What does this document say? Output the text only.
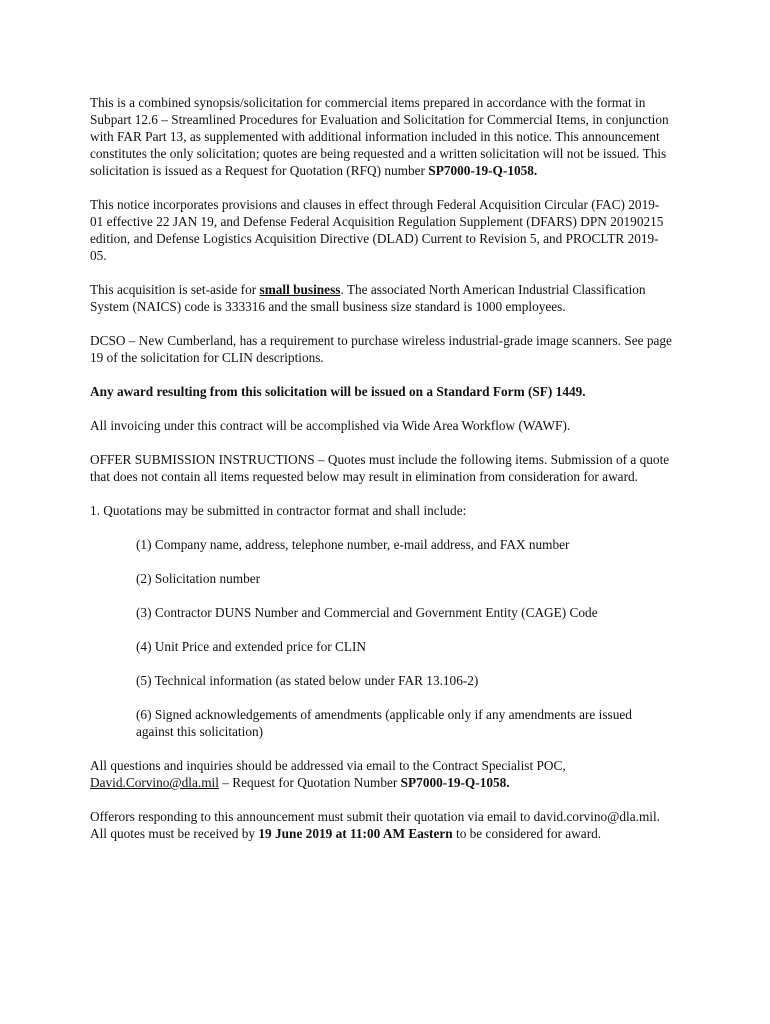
This is a combined synopsis/solicitation for commercial items prepared in accordance with the format in Subpart 12.6 – Streamlined Procedures for Evaluation and Solicitation for Commercial Items, in conjunction with FAR Part 13, as supplemented with additional information included in this notice. This announcement constitutes the only solicitation; quotes are being requested and a written solicitation will not be issued. This solicitation is issued as a Request for Quotation (RFQ) number SP7000-19-Q-1058.

This notice incorporates provisions and clauses in effect through Federal Acquisition Circular (FAC) 2019-01 effective 22 JAN 19, and Defense Federal Acquisition Regulation Supplement (DFARS) DPN 20190215 edition, and Defense Logistics Acquisition Directive (DLAD) Current to Revision 5, and PROCLTR 2019-05.

This acquisition is set-aside for small business. The associated North American Industrial Classification System (NAICS) code is 333316 and the small business size standard is 1000 employees.

DCSO – New Cumberland, has a requirement to purchase wireless industrial-grade image scanners. See page 19 of the solicitation for CLIN descriptions.

Any award resulting from this solicitation will be issued on a Standard Form (SF) 1449.

All invoicing under this contract will be accomplished via Wide Area Workflow (WAWF).

OFFER SUBMISSION INSTRUCTIONS – Quotes must include the following items. Submission of a quote that does not contain all items requested below may result in elimination from consideration for award.

1. Quotations may be submitted in contractor format and shall include:

(1) Company name, address, telephone number, e-mail address, and FAX number

(2) Solicitation number

(3) Contractor DUNS Number and Commercial and Government Entity (CAGE) Code

(4) Unit Price and extended price for CLIN

(5) Technical information (as stated below under FAR 13.106-2)

(6) Signed acknowledgements of amendments (applicable only if any amendments are issued against this solicitation)

All questions and inquiries should be addressed via email to the Contract Specialist POC, David.Corvino@dla.mil – Request for Quotation Number SP7000-19-Q-1058.

Offerors responding to this announcement must submit their quotation via email to david.corvino@dla.mil. All quotes must be received by 19 June 2019 at 11:00 AM Eastern to be considered for award.
